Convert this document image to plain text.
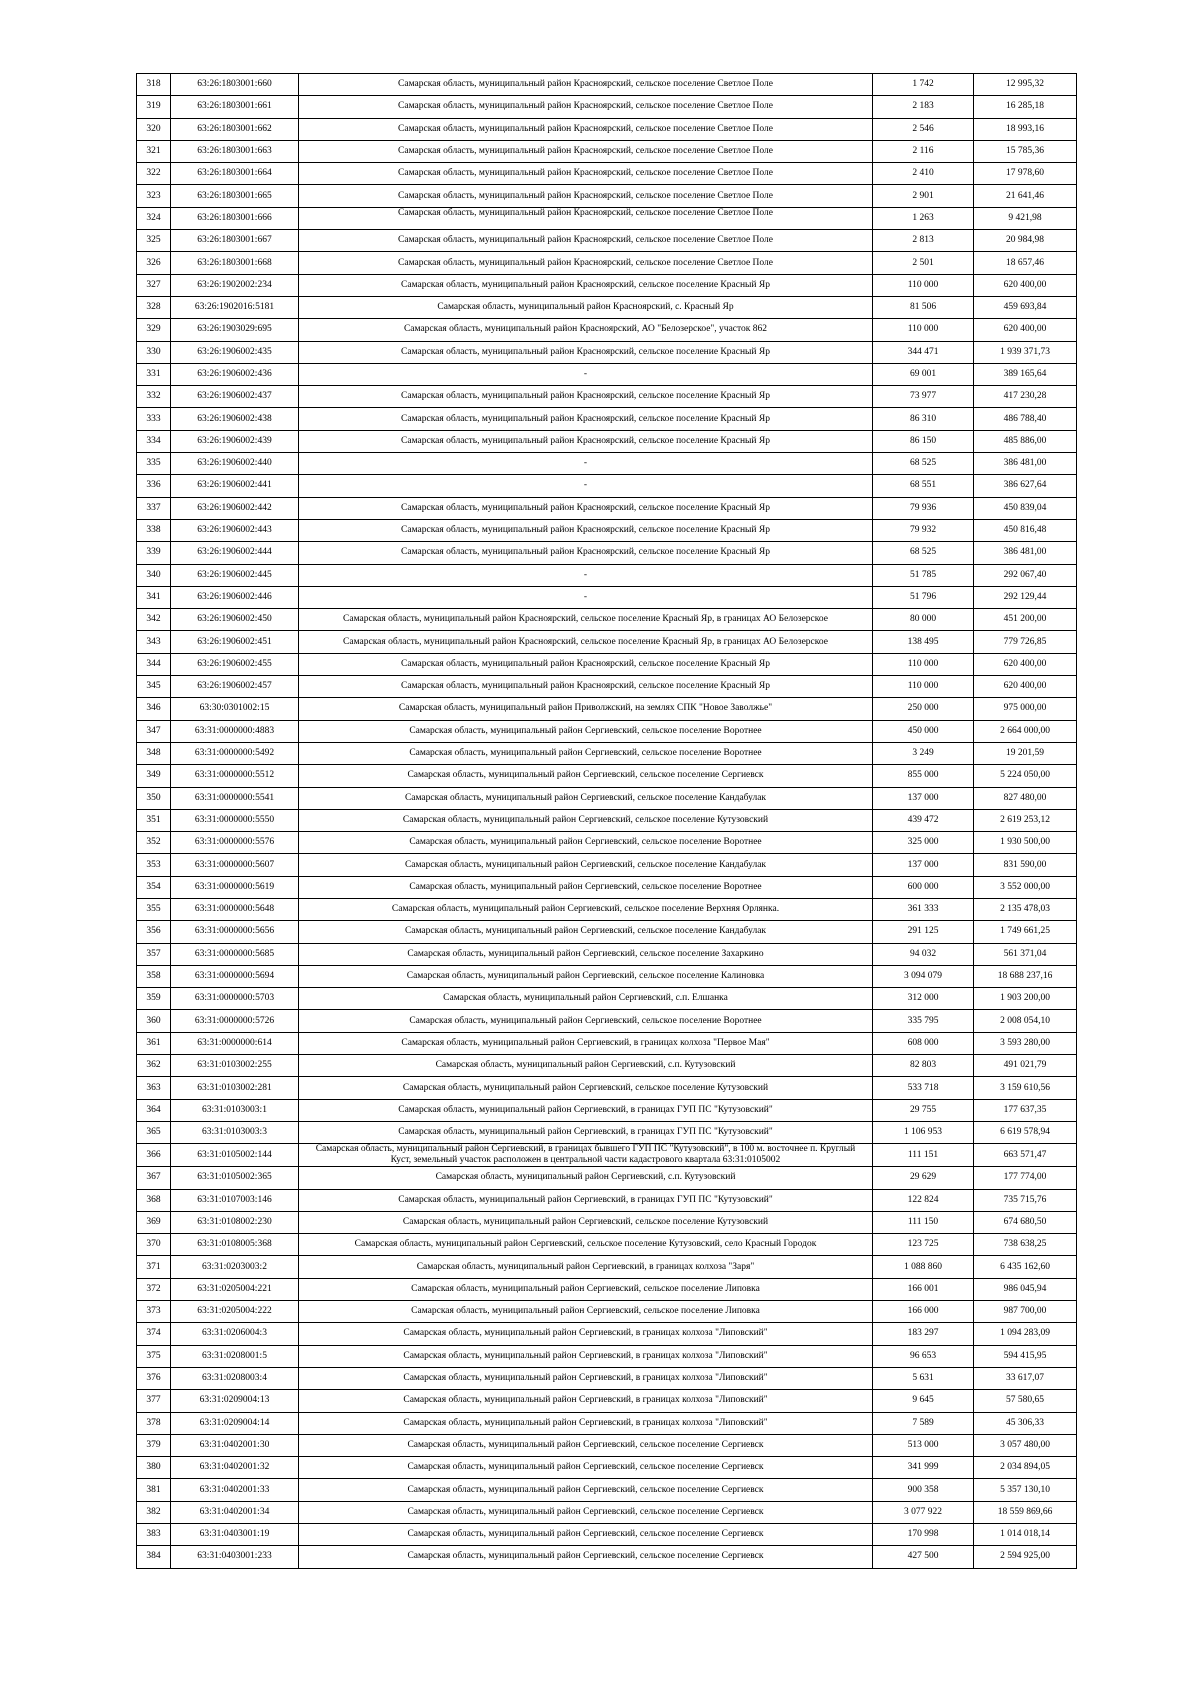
318	63:26:1803001:660	Самарская область, муниципальный район Красноярский, сельское поселение Светлое Поле	1 742	12 995,32
319	63:26:1803001:661	Самарская область, муниципальный район Красноярский, сельское поселение Светлое Поле	2 183	16 285,18
320	63:26:1803001:662	Самарская область, муниципальный район Красноярский, сельское поселение Светлое Поле	2 546	18 993,16
321	63:26:1803001:663	Самарская область, муниципальный район Красноярский, сельское поселение Светлое Поле	2 116	15 785,36
322	63:26:1803001:664	Самарская область, муниципальный район Красноярский, сельское поселение Светлое Поле	2 410	17 978,60
323	63:26:1803001:665	Самарская область, муниципальный район Красноярский, сельское поселение Светлое Поле	2 901	21 641,46
324	63:26:1803001:666	Самарская область, муниципальный район Красноярский, сельское поселение Светлое Поле	1 263	9 421,98
325	63:26:1803001:667	Самарская область, муниципальный район Красноярский, сельское поселение Светлое Поле	2 813	20 984,98
326	63:26:1803001:668	Самарская область, муниципальный район Красноярский, сельское поселение Светлое Поле	2 501	18 657,46
327	63:26:1902002:234	Самарская область, муниципальный район Красноярский, сельское поселение Красный Яр	110 000	620 400,00
328	63:26:1902016:5181	Самарская область, муниципальный район Красноярский, с. Красный Яр	81 506	459 693,84
329	63:26:1903029:695	Самарская область, муниципальный район Красноярский, АО "Белозерское", участок 862	110 000	620 400,00
330	63:26:1906002:435	Самарская область, муниципальный район Красноярский, сельское поселение Красный Яр	344 471	1 939 371,73
331	63:26:1906002:436	-	69 001	389 165,64
332	63:26:1906002:437	Самарская область, муниципальный район Красноярский, сельское поселение Красный Яр	73 977	417 230,28
333	63:26:1906002:438	Самарская область, муниципальный район Красноярский, сельское поселение Красный Яр	86 310	486 788,40
334	63:26:1906002:439	Самарская область, муниципальный район Красноярский, сельское поселение Красный Яр	86 150	485 886,00
335	63:26:1906002:440	-	68 525	386 481,00
336	63:26:1906002:441	-	68 551	386 627,64
337	63:26:1906002:442	Самарская область, муниципальный район Красноярский, сельское поселение Красный Яр	79 936	450 839,04
338	63:26:1906002:443	Самарская область, муниципальный район Красноярский, сельское поселение Красный Яр	79 932	450 816,48
339	63:26:1906002:444	Самарская область, муниципальный район Красноярский, сельское поселение Красный Яр	68 525	386 481,00
340	63:26:1906002:445	-	51 785	292 067,40
341	63:26:1906002:446	-	51 796	292 129,44
342	63:26:1906002:450	Самарская область, муниципальный район Красноярский, сельское поселение Красный Яр, в границах АО Белозерское	80 000	451 200,00
343	63:26:1906002:451	Самарская область, муниципальный район Красноярский, сельское поселение Красный Яр, в границах АО Белозерское	138 495	779 726,85
344	63:26:1906002:455	Самарская область, муниципальный район Красноярский, сельское поселение Красный Яр	110 000	620 400,00
345	63:26:1906002:457	Самарская область, муниципальный район Красноярский, сельское поселение Красный Яр	110 000	620 400,00
346	63:30:0301002:15	Самарская область, муниципальный район Приволжский, на землях СПК "Новое Заволжье"	250 000	975 000,00
347	63:31:0000000:4883	Самарская область, муниципальный район Сергиевский, сельское поселение Воротнее	450 000	2 664 000,00
348	63:31:0000000:5492	Самарская область, муниципальный район Сергиевский, сельское поселение Воротнее	3 249	19 201,59
349	63:31:0000000:5512	Самарская область, муниципальный район Сергиевский, сельское поселение Сергиевск	855 000	5 224 050,00
350	63:31:0000000:5541	Самарская область, муниципальный район Сергиевский, сельское поселение Кандабулак	137 000	827 480,00
351	63:31:0000000:5550	Самарская область, муниципальный район Сергиевский, сельское поселение Кутузовский	439 472	2 619 253,12
352	63:31:0000000:5576	Самарская область, муниципальный район Сергиевский, сельское поселение Воротнее	325 000	1 930 500,00
353	63:31:0000000:5607	Самарская область, муниципальный район Сергиевский, сельское поселение Кандабулак	137 000	831 590,00
354	63:31:0000000:5619	Самарская область, муниципальный район Сергиевский, сельское поселение Воротнее	600 000	3 552 000,00
355	63:31:0000000:5648	Самарская область, муниципальный район Сергиевский, сельское поселение Верхняя Орлянка.	361 333	2 135 478,03
356	63:31:0000000:5656	Самарская область, муниципальный район Сергиевский, сельское поселение Кандабулак	291 125	1 749 661,25
357	63:31:0000000:5685	Самарская область, муниципальный район Сергиевский, сельское поселение Захаркино	94 032	561 371,04
358	63:31:0000000:5694	Самарская область, муниципальный район Сергиевский, сельское поселение Калиновка	3 094 079	18 688 237,16
359	63:31:0000000:5703	Самарская область, муниципальный район Сергиевский, с.п. Елшанка	312 000	1 903 200,00
360	63:31:0000000:5726	Самарская область, муниципальный район Сергиевский, сельское поселение Воротнее	335 795	2 008 054,10
361	63:31:0000000:614	Самарская область, муниципальный район Сергиевский, в границах колхоза "Первое Мая"	608 000	3 593 280,00
362	63:31:0103002:255	Самарская область, муниципальный район Сергиевский, с.п. Кутузовский	82 803	491 021,79
363	63:31:0103002:281	Самарская область, муниципальный район Сергиевский, сельское поселение Кутузовский	533 718	3 159 610,56
364	63:31:0103003:1	Самарская область, муниципальный район Сергиевский, в границах ГУП ПС "Кутузовский"	29 755	177 637,35
365	63:31:0103003:3	Самарская область, муниципальный район Сергиевский, в границах ГУП ПС "Кутузовский"	1 106 953	6 619 578,94
366	63:31:0105002:144	Самарская область, муниципальный район Сергиевский, в границах бывшего ГУП ПС "Кутузовский", в 100 м. восточнее п. Круглый Куст, земельный участок расположен в центральной части кадастрового квартала 63:31:0105002	111 151	663 571,47
367	63:31:0105002:365	Самарская область, муниципальный район Сергиевский, с.п. Кутузовский	29 629	177 774,00
368	63:31:0107003:146	Самарская область, муниципальный район Сергиевский, в границах ГУП ПС "Кутузовский"	122 824	735 715,76
369	63:31:0108002:230	Самарская область, муниципальный район Сергиевский, сельское поселение Кутузовский	111 150	674 680,50
370	63:31:0108005:368	Самарская область, муниципальный район Сергиевский, сельское поселение Кутузовский, село Красный Городок	123 725	738 638,25
371	63:31:0203003:2	Самарская область, муниципальный район Сергиевский, в границах колхоза "Заря"	1 088 860	6 435 162,60
372	63:31:0205004:221	Самарская область, муниципальный район Сергиевский, сельское поселение Липовка	166 001	986 045,94
373	63:31:0205004:222	Самарская область, муниципальный район Сергиевский, сельское поселение Липовка	166 000	987 700,00
374	63:31:0206004:3	Самарская область, муниципальный район Сергиевский, в границах колхоза "Липовский"	183 297	1 094 283,09
375	63:31:0208001:5	Самарская область, муниципальный район Сергиевский, в границах колхоза "Липовский"	96 653	594 415,95
376	63:31:0208003:4	Самарская область, муниципальный район Сергиевский, в границах колхоза "Липовский"	5 631	33 617,07
377	63:31:0209004:13	Самарская область, муниципальный район Сергиевский, в границах колхоза "Липовский"	9 645	57 580,65
378	63:31:0209004:14	Самарская область, муниципальный район Сергиевский, в границах колхоза "Липовский"	7 589	45 306,33
379	63:31:0402001:30	Самарская область, муниципальный район Сергиевский, сельское поселение Сергиевск	513 000	3 057 480,00
380	63:31:0402001:32	Самарская область, муниципальный район Сергиевский, сельское поселение Сергиевск	341 999	2 034 894,05
381	63:31:0402001:33	Самарская область, муниципальный район Сергиевский, сельское поселение Сергиевск	900 358	5 357 130,10
382	63:31:0402001:34	Самарская область, муниципальный район Сергиевский, сельское поселение Сергиевск	3 077 922	18 559 869,66
383	63:31:0403001:19	Самарская область, муниципальный район Сергиевский, сельское поселение Сергиевск	170 998	1 014 018,14
384	63:31:0403001:233	Самарская область, муниципальный район Сергиевский, сельское поселение Сергиевск	427 500	2 594 925,00
